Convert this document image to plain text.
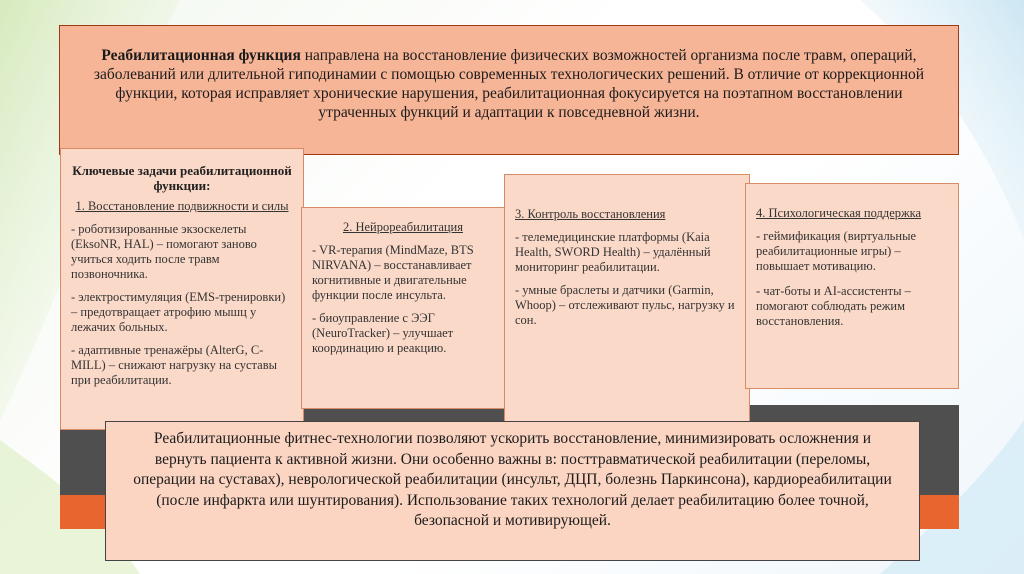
Реабилитационная функция направлена на восстановление физических возможностей организма после травм, операций, заболеваний или длительной гиподинамии с помощью современных технологических решений. В отличие от коррекционной функции, которая исправляет хронические нарушения, реабилитационная фокусируется на поэтапном восстановлении утраченных функций и адаптации к повседневной жизни.
Ключевые задачи реабилитационной функции:
1. Восстановление подвижности и силы

- роботизированные экзоскелеты (EksoNR, HAL) – помогают заново учиться ходить после травм позвоночника.

- электростимуляция (EMS-тренировки) – предотвращает атрофию мышц у лежачих больных.

- адаптивные тренажёры (AlterG, C-MILL) – снижают нагрузку на суставы при реабилитации.

2. Нейрореабилитация

- VR-терапия (MindMaze, BTS NIRVANA) – восстанавливает когнитивные и двигательные функции после инсульта.

- биоуправление с ЭЭГ (NeuroTracker) – улучшает координацию и реакцию.

3. Контроль восстановления

- телемедицинские платформы (Kaia Health, SWORD Health) – удалённый мониторинг реабилитации.

- умные браслеты и датчики (Garmin, Whoop) – отслеживают пульс, нагрузку и сон.

4. Психологическая поддержка

- геймификация (виртуальные реабилитационные игры) – повышает мотивацию.

- чат-боты и AI-ассистенты – помогают соблюдать режим восстановления.

Реабилитационные фитнес-технологии позволяют ускорить восстановление, минимизировать осложнения и вернуть пациента к активной жизни. Они особенно важны в: посттравматической реабилитации (переломы, операции на суставах), неврологической реабилитации (инсульт, ДЦП, болезнь Паркинсона), кардиореабилитации (после инфаркта или шунтирования). Использование таких технологий делает реабилитацию более точной, безопасной и мотивирующей.
